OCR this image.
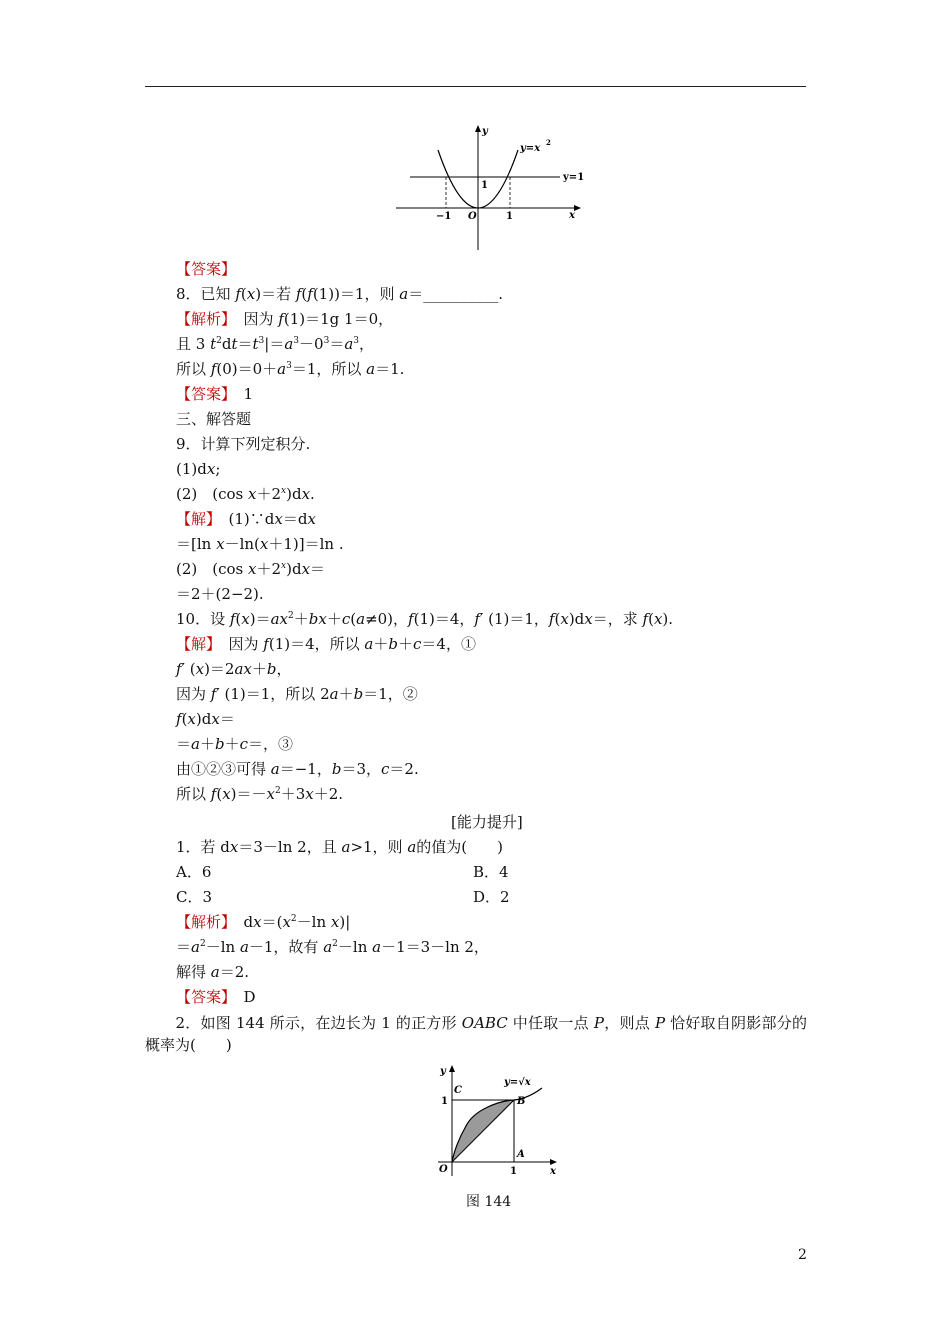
y
x
y=x
2
y=1
1
−1 O	1
【答案】
8．已知 f(x)＝若 f(f(1))＝1，则 a＝__________.
【解析】　因为 f(1)＝1g 1＝0，
且 3 $t^2dt=t^3|=a^3-0^3=a^3$，
所以 $f(0)=0+a^3=1$，所以 a＝1.
【答案】　1
三、解答题
9．计算下列定积分.
(1)dx;
(2)　(cos $x+2^x)dx$.
【解】　(1)∵dx＝dx
＝[ln x－ln(x＋1)]＝ln .
(2)　(cos $x+2^x)dx=$
＝2＋(2−2).
10．设 $f(x)=ax^2+bx+c(a\ne 0)$，f(1)＝4，f′ (1)＝1，f(x)dx＝，求 f(x).
【解】　因为 f(1)＝4，所以 a＋b＋c＝4，①
f′ (x)＝2ax＋b，
因为 f′ (1)＝1，所以 2a＋b＝1，②
f(x)dx＝
＝a＋b＋c＝，③
由①②③可得 a＝−1，b＝3，c＝2.
所以 $f(x)=-x^2+3x+2$.
[能力提升]
1．若 dx＝3－ln 2，且 a>1，则 a的值为(　　)
A．6	B．4
C．3	D．2
【解析】　$dx=(x^2-\ln$ x)|
$=a^2-\ln$ a－1，故有 $a^2-\ln$ a－1＝3－ln 2，
解得 a＝2.
【答案】　D
　　2．如图 144 所示，在边长为 1 的正方形 OABC 中任取一点 P，则点 P 恰好取自阴影部分的概率为(　　)
y
x
C
B
A
O
1
1
y=√x
图 144
2
